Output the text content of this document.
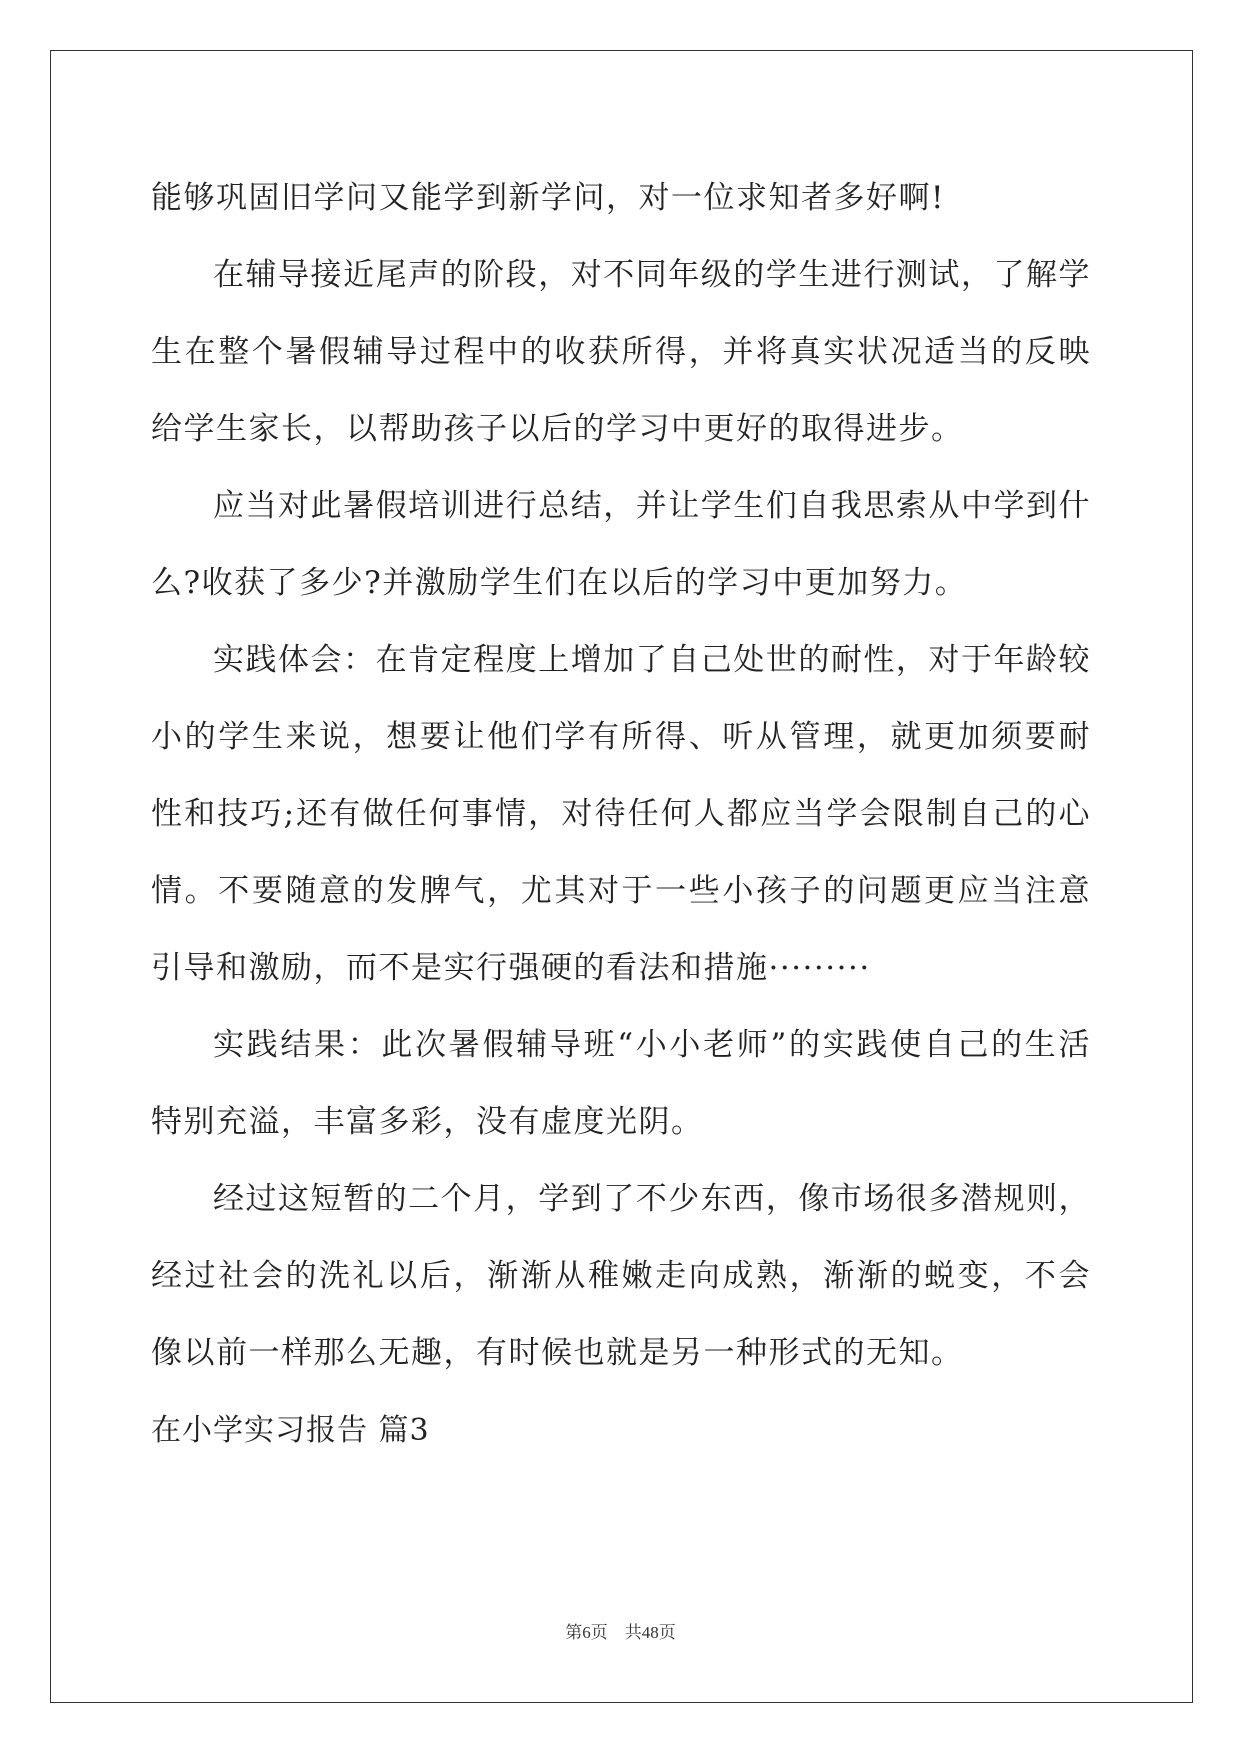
能够巩固旧学问又能学到新学问，对一位求知者多好啊!

在辅导接近尾声的阶段，对不同年级的学生进行测试，了解学生在整个暑假辅导过程中的收获所得，并将真实状况适当的反映给学生家长，以帮助孩子以后的学习中更好的取得进步。

应当对此暑假培训进行总结，并让学生们自我思索从中学到什么?收获了多少?并激励学生们在以后的学习中更加努力。

实践体会：在肯定程度上增加了自己处世的耐性，对于年龄较小的学生来说，想要让他们学有所得、听从管理，就更加须要耐性和技巧;还有做任何事情，对待任何人都应当学会限制自己的心情。不要随意的发脾气，尤其对于一些小孩子的问题更应当注意引导和激励，而不是实行强硬的看法和措施·········

实践结果：此次暑假辅导班“小小老师”的实践使自己的生活特别充溢，丰富多彩，没有虚度光阴。

经过这短暂的二个月，学到了不少东西，像市场很多潜规则，经过社会的洗礼以后，渐渐从稚嫩走向成熟，渐渐的蜕变，不会像以前一样那么无趣，有时候也就是另一种形式的无知。

在小学实习报告 篇3

第6页 共48页
